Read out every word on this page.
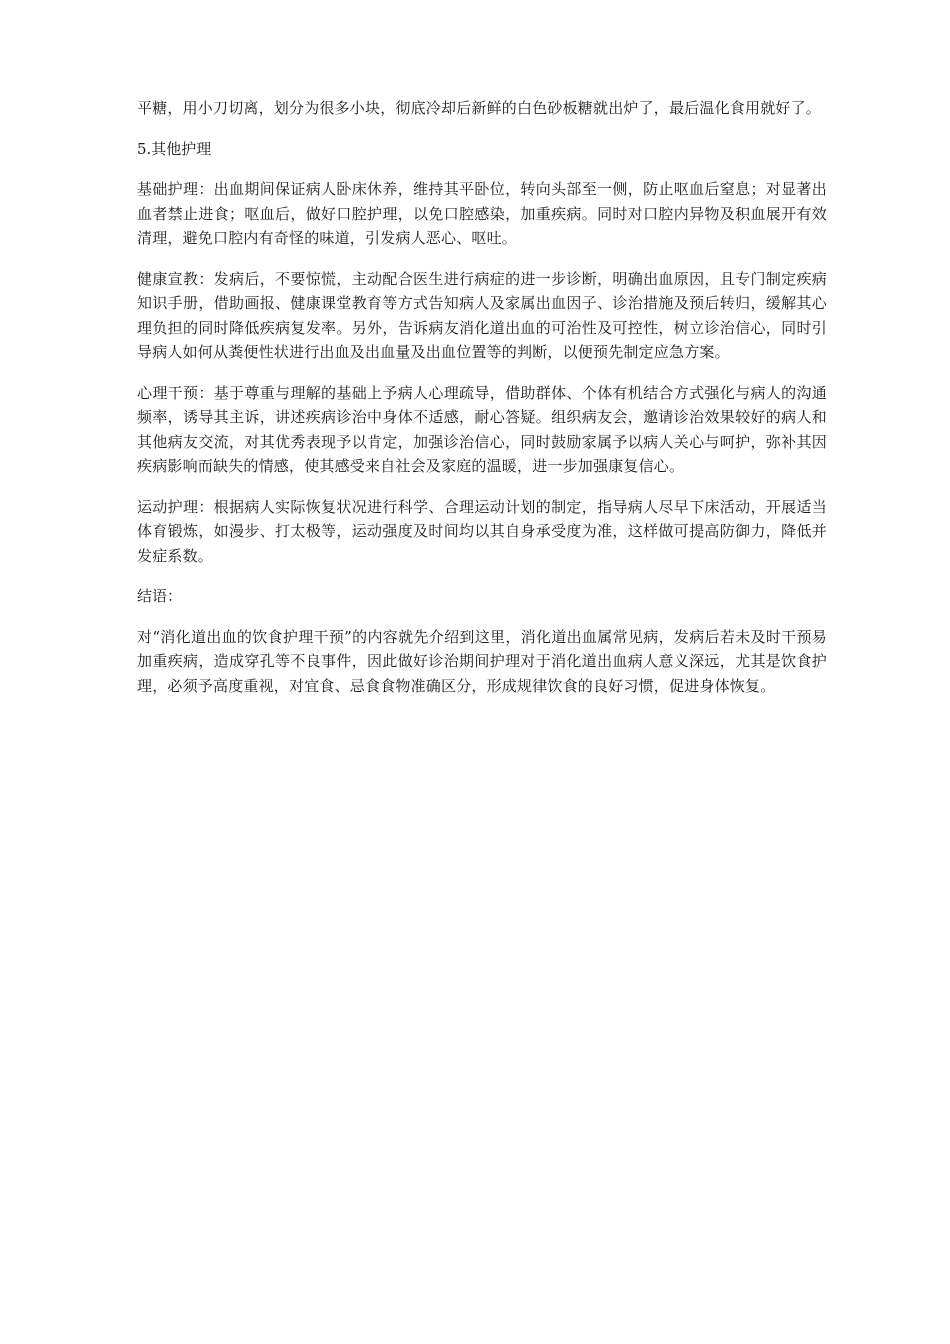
平糖，用小刀切离，划分为很多小块，彻底冷却后新鲜的白色砂板糖就出炉了，最后温化食用就好了。

5.其他护理

基础护理：出血期间保证病人卧床休养，维持其平卧位，转向头部至一侧，防止呕血后窒息；对显著出血者禁止进食；呕血后，做好口腔护理，以免口腔感染，加重疾病。同时对口腔内异物及积血展开有效清理，避免口腔内有奇怪的味道，引发病人恶心、呕吐。

健康宣教：发病后，不要惊慌，主动配合医生进行病症的进一步诊断，明确出血原因，且专门制定疾病知识手册，借助画报、健康课堂教育等方式告知病人及家属出血因子、诊治措施及预后转归，缓解其心理负担的同时降低疾病复发率。另外，告诉病友消化道出血的可治性及可控性，树立诊治信心，同时引导病人如何从粪便性状进行出血及出血量及出血位置等的判断，以便预先制定应急方案。

心理干预：基于尊重与理解的基础上予病人心理疏导，借助群体、个体有机结合方式强化与病人的沟通频率，诱导其主诉，讲述疾病诊治中身体不适感，耐心答疑。组织病友会，邀请诊治效果较好的病人和其他病友交流，对其优秀表现予以肯定，加强诊治信心，同时鼓励家属予以病人关心与呵护，弥补其因疾病影响而缺失的情感，使其感受来自社会及家庭的温暖，进一步加强康复信心。

运动护理：根据病人实际恢复状况进行科学、合理运动计划的制定，指导病人尽早下床活动，开展适当体育锻炼，如漫步、打太极等，运动强度及时间均以其自身承受度为准，这样做可提高防御力，降低并发症系数。

结语：

对“消化道出血的饮食护理干预”的内容就先介绍到这里，消化道出血属常见病，发病后若未及时干预易加重疾病，造成穿孔等不良事件，因此做好诊治期间护理对于消化道出血病人意义深远，尤其是饮食护理，必须予高度重视，对宜食、忌食食物准确区分，形成规律饮食的良好习惯，促进身体恢复。
